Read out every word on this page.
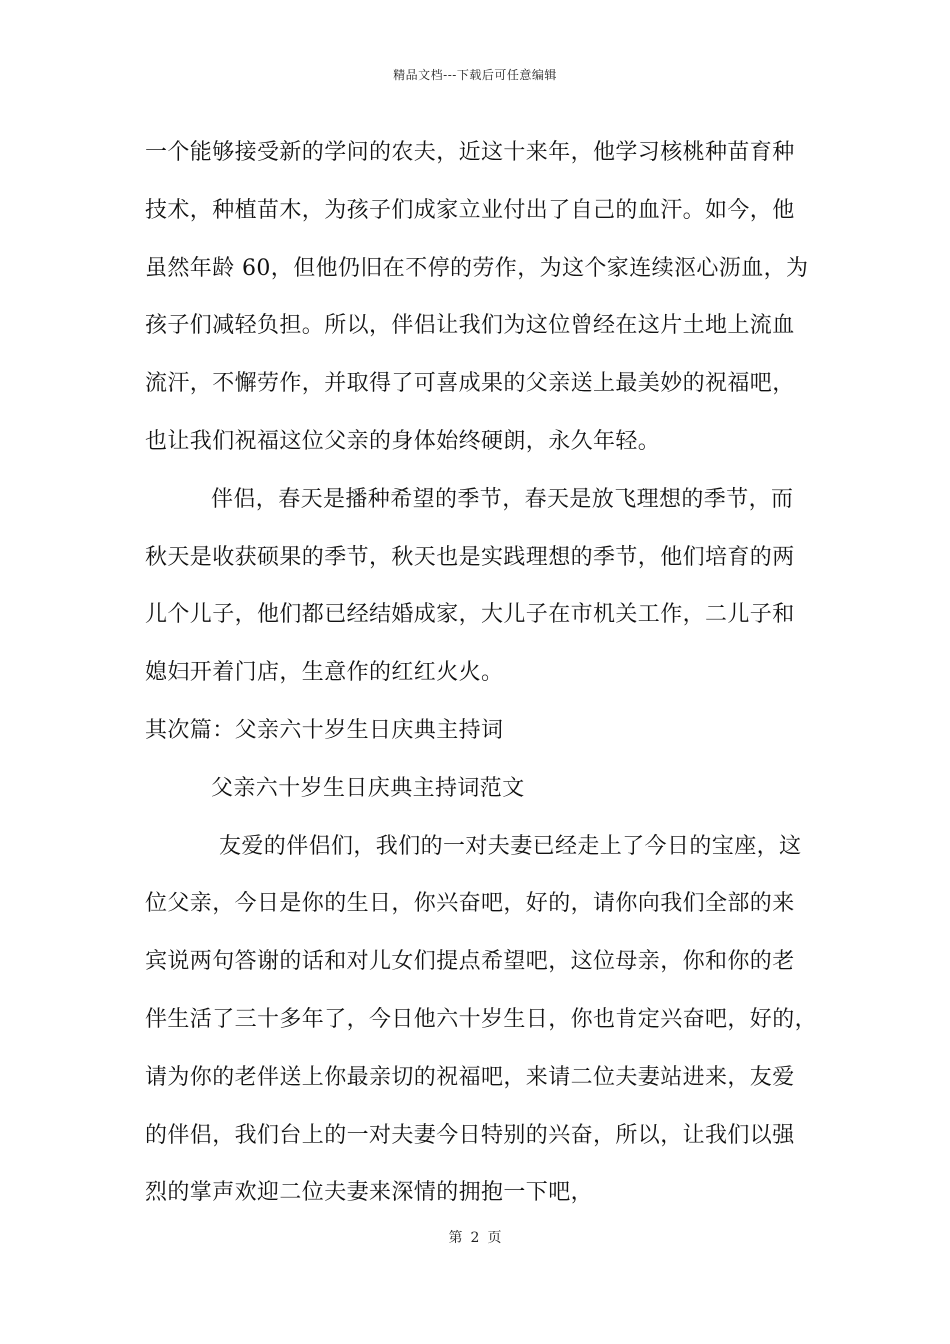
精品文档---下载后可任意编辑
一个能够接受新的学问的农夫，近这十来年，他学习核桃种苗育种
技术，种植苗木，为孩子们成家立业付出了自己的血汗。如今，他
虽然年龄 60，但他仍旧在不停的劳作，为这个家连续沤心沥血，为
孩子们减轻负担。所以，伴侣让我们为这位曾经在这片土地上流血
流汗，不懈劳作，并取得了可喜成果的父亲送上最美妙的祝福吧，
也让我们祝福这位父亲的身体始终硬朗，永久年轻。
伴侣，春天是播种希望的季节，春天是放飞理想的季节，而
秋天是收获硕果的季节，秋天也是实践理想的季节，他们培育的两
儿个儿子，他们都已经结婚成家，大儿子在市机关工作，二儿子和
媳妇开着门店，生意作的红红火火。
其次篇：父亲六十岁生日庆典主持词
父亲六十岁生日庆典主持词范文
友爱的伴侣们，我们的一对夫妻已经走上了今日的宝座，这
位父亲，今日是你的生日，你兴奋吧，好的，请你向我们全部的来
宾说两句答谢的话和对儿女们提点希望吧，这位母亲，你和你的老
伴生活了三十多年了，今日他六十岁生日，你也肯定兴奋吧，好的，
请为你的老伴送上你最亲切的祝福吧，来请二位夫妻站进来，友爱
的伴侣，我们台上的一对夫妻今日特别的兴奋，所以，让我们以强
烈的掌声欢迎二位夫妻来深情的拥抱一下吧，
第 2 页
